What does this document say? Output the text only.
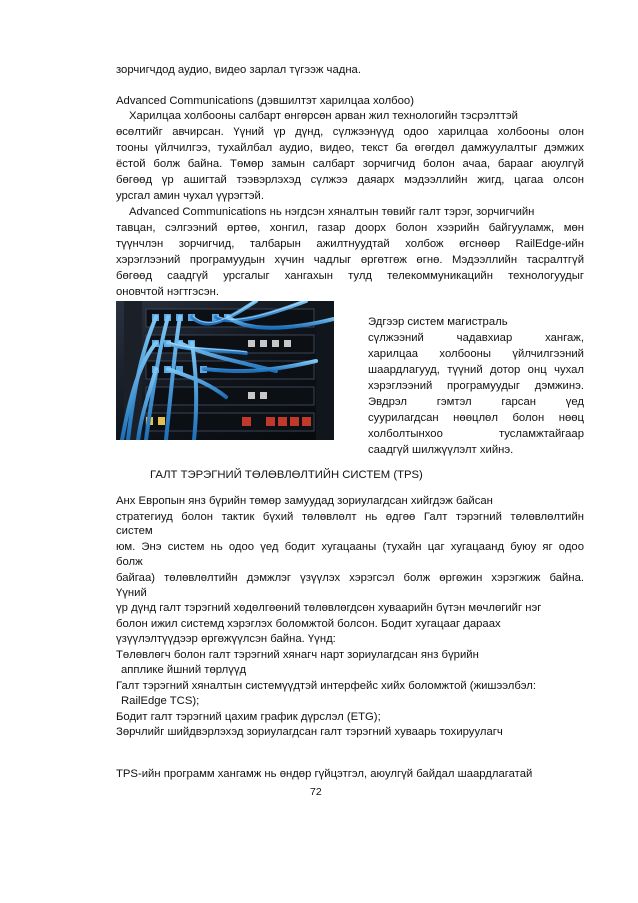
зорчигчдод аудио, видео зарлал түгээж чадна.
Advanced Communications (дэвшилтэт харилцаа холбоо)
Харилцаа холбооны салбарт өнгөрсөн арван жил технологийн тэсрэлттэй
өсөлтийг авчирсан. Үүний үр дүнд, сүлжээнүүд одоо харилцаа холбооны олон
тооны үйлчилгээ, тухайлбал аудио, видео, текст ба өгөгдөл дамжуулалтыг дэмжих
ёстой болж байна. Төмөр замын салбарт зорчигчид болон ачаа, барааг аюулгүй
бөгөөд үр ашигтай тээвэрлэхэд сүлжээ даяарх мэдээллийн жигд, цагаа олсон
урсгал амин чухал үүрэгтэй.
Advanced Communications нь нэгдсэн хяналтын төвийг галт тэрэг, зорчигчийн
тавцан, сэлгээний өртөө, хонгил, газар доорх болон хээрийн байгууламж, мөн
түүнчлэн зорчигчид, талбарын ажилтнуудтай холбож өгснөөр RailEdge-ийн
хэрэглээний програмуудын хүчин чадлыг өргөтгөж өгнө. Мэдээллийн тасралтгүй
бөгөөд саадгүй урсгалыг хангахын тулд телекоммуникацийн технологуудыг
оновчтой нэгтгэсэн.
Эдгээр систем магистраль
сүлжээний чадавхиар хангаж,
харилцаа холбооны үйлчилгээний
шаардлагууд, түүний дотор онц чухал
хэрэглээний програмуудыг дэмжинэ.
Эвдрэл гэмтэл гарсан үед
суурилагдсан нөөцлөл болон нөөц
холболтынхоо тусламжтайгаар
саадгүй шилжүүлэлт хийнэ.
ГАЛТ ТЭРЭГНИЙ ТӨЛӨВЛӨЛТИЙН СИСТЕМ (TPS)
Анх Европын янз бүрийн төмөр замуудад зориулагдсан хийгдэж байсан
стратегиуд болон тактик бүхий төлөвлөлт нь өдгөө Галт тэрэгний төлөвлөлтийн
систем
юм. Энэ систем нь одоо үед бодит хугацааны (тухайн цаг хугацаанд буюу яг одоо
болж
байгаа) төлөвлөлтийн дэмжлэг үзүүлэх хэрэгсэл болж өргөжин хэрэгжиж байна.
Үүний
үр дүнд галт тэрэгний хөдөлгөөний төлөвлөгдсөн хуваарийн бүтэн мөчлөгийг нэг
болон ижил системд хэрэглэх боломжтой болсон. Бодит хугацааг дараах
үзүүлэлтүүдээр өргөжүүлсэн байна. Үүнд:
Төлөвлөгч болон галт тэрэгний хянагч нарт зориулагдсан янз бүрийн
апплике йшний төрлүүд
Галт тэрэгний хяналтын системүүдтэй интерфейс хийх боломжтой (жишээлбэл:
RailEdge TCS);
Бодит галт тэрэгний цахим график дүрслэл (ETG);
Зөрчлийг шийдвэрлэхэд зориулагдсан галт тэрэгний хуваарь тохируулагч
TPS-ийн программ хангамж нь өндөр гүйцэтгэл, аюулгүй байдал шаардлагатай
72
